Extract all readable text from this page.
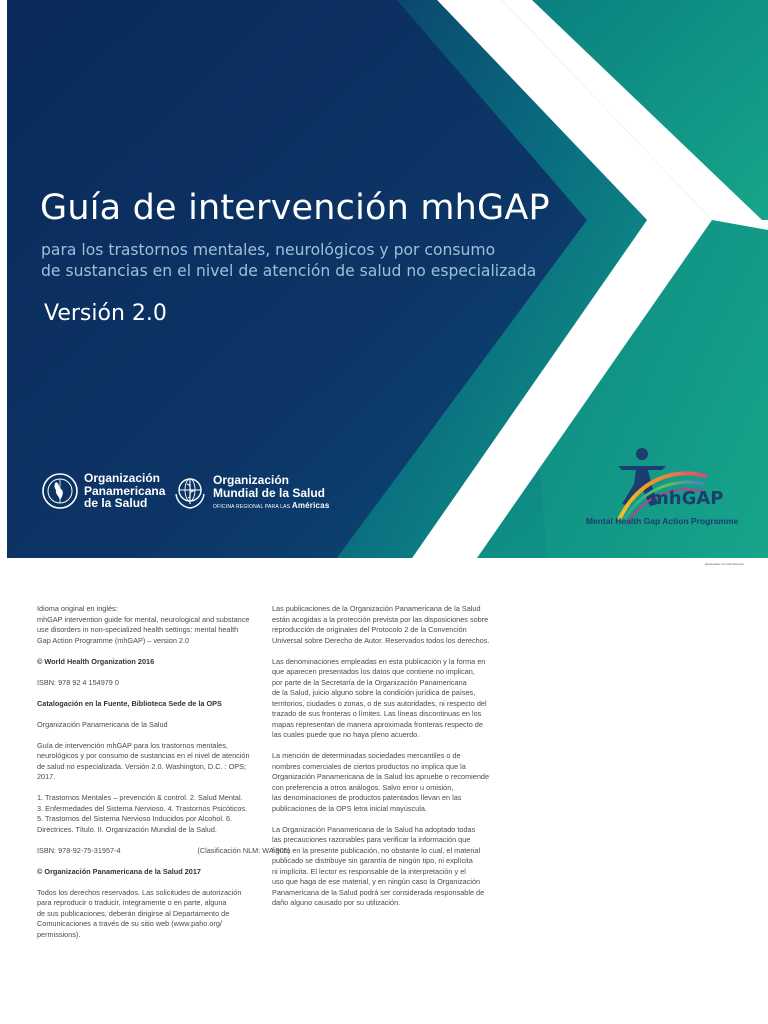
Guía de intervención mhGAP
para los trastornos mentales, neurológicos y por consumo
de sustancias en el nivel de atención de salud no especializada
Versión 2.0
Organización
Panamericana
de la Salud
Organización
Mundial de la Salud
OFICINA REGIONAL PARA LAS Américas	mhGAP
Mental Health Gap Action Programme
Escaneado con CamScanner

Idioma original en inglés:
mhGAP intervention guide for mental, neurological and substance
use disorders in non-specialized health settings: mental health
Gap Action Programme (mhGAP) – version 2.0

© World Health Organization 2016

ISBN: 978 92 4 154979 0

Catalogación en la Fuente, Biblioteca Sede de la OPS

Organización Panamericana de la Salud

Guía de intervención mhGAP para los trastornos mentales,
neurológicos y por consumo de sustancias en el nivel de atención
de salud no especializada. Versión 2.0. Washington, D.C. : OPS;
2017.

1. Trastornos Mentales – prevención & control. 2. Salud Mental.
3. Enfermedades del Sistema Nervioso. 4. Trastornos Psicóticos.
5. Trastornos del Sistema Nervioso Inducidos por Alcohol. 6.
Directrices. Título. II. Organización Mundial de la Salud.

ISBN: 978-92-75-31957-4	(Clasificación NLM: WA 305)

© Organización Panamericana de la Salud 2017

Todos los derechos reservados. Las solicitudes de autorización
para reproducir o traducir, íntegramente o en parte, alguna
de sus publicaciones, deberán dirigirse al Departamento de
Comunicaciones a través de su sitio web (www.paho.org/
permissions).

Las publicaciones de la Organización Panamericana de la Salud
están acogidas a la protección prevista por las disposiciones sobre
reproducción de originales del Protocolo 2 de la Convención
Universal sobre Derecho de Autor. Reservados todos los derechos.

Las denominaciones empleadas en esta publicación y la forma en
que aparecen presentados los datos que contiene no implican,
por parte de la Secretaría de la Organización Panamericana
de la Salud, juicio alguno sobre la condición jurídica de países,
territorios, ciudades o zonas, o de sus autoridades, ni respecto del
trazado de sus fronteras o límites. Las líneas discontinuas en los
mapas representan de manera aproximada fronteras respecto de
las cuales puede que no haya pleno acuerdo.

La mención de determinadas sociedades mercantiles o de
nombres comerciales de ciertos productos no implica que la
Organización Panamericana de la Salud los apruebe o recomiende
con preferencia a otros análogos. Salvo error u omisión,
las denominaciones de productos patentados llevan en las
publicaciones de la OPS letra inicial mayúscula.

La Organización Panamericana de la Salud ha adoptado todas
las precauciones razonables para verificar la información que
figura en la presente publicación, no obstante lo cual, el material
publicado se distribuye sin garantía de ningún tipo, ni explícita
ni implícita. El lector es responsable de la interpretación y el
uso que haga de ese material, y en ningún caso la Organización
Panamericana de la Salud podrá ser considerada responsable de
daño alguno causado por su utilización.
